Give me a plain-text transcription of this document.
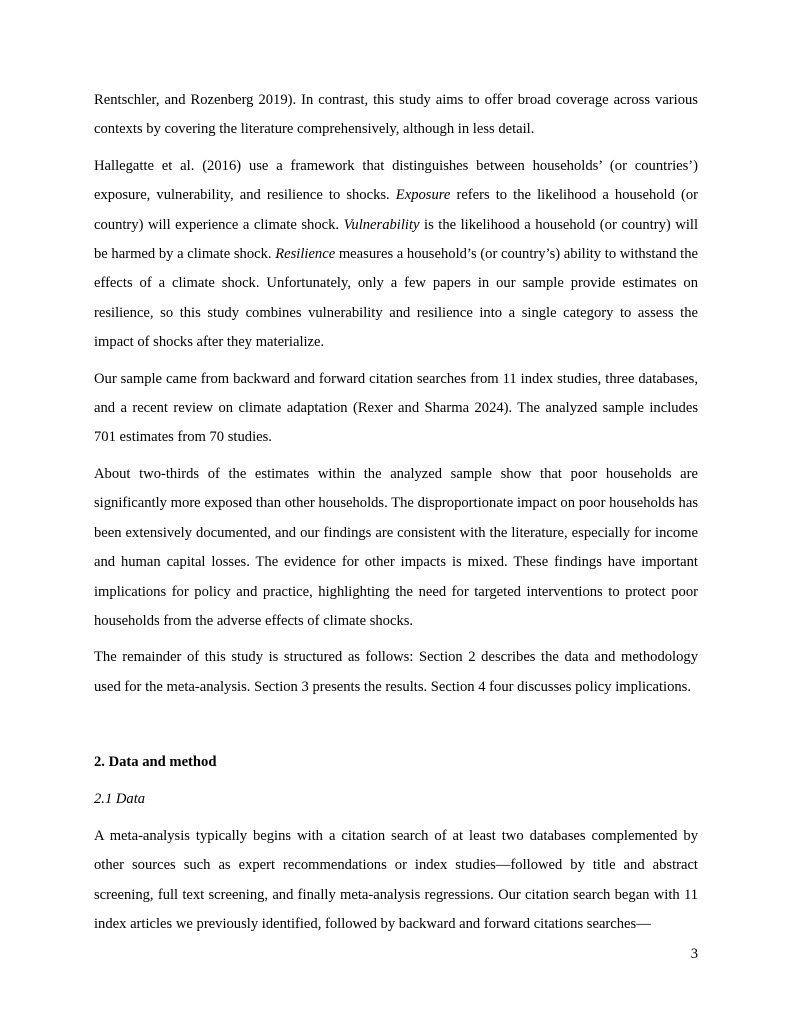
Rentschler, and Rozenberg 2019). In contrast, this study aims to offer broad coverage across various contexts by covering the literature comprehensively, although in less detail.

Hallegatte et al. (2016) use a framework that distinguishes between households’ (or countries’) exposure, vulnerability, and resilience to shocks. Exposure refers to the likelihood a household (or country) will experience a climate shock. Vulnerability is the likelihood a household (or country) will be harmed by a climate shock. Resilience measures a household’s (or country’s) ability to withstand the effects of a climate shock. Unfortunately, only a few papers in our sample provide estimates on resilience, so this study combines vulnerability and resilience into a single category to assess the impact of shocks after they materialize.

Our sample came from backward and forward citation searches from 11 index studies, three databases, and a recent review on climate adaptation (Rexer and Sharma 2024). The analyzed sample includes 701 estimates from 70 studies.

About two-thirds of the estimates within the analyzed sample show that poor households are significantly more exposed than other households. The disproportionate impact on poor households has been extensively documented, and our findings are consistent with the literature, especially for income and human capital losses. The evidence for other impacts is mixed. These findings have important implications for policy and practice, highlighting the need for targeted interventions to protect poor households from the adverse effects of climate shocks.

The remainder of this study is structured as follows: Section 2 describes the data and methodology used for the meta-analysis. Section 3 presents the results. Section 4 four discusses policy implications.

2. Data and method
2.1 Data

A meta-analysis typically begins with a citation search of at least two databases complemented by other sources such as expert recommendations or index studies—followed by title and abstract screening, full text screening, and finally meta-analysis regressions. Our citation search began with 11 index articles we previously identified, followed by backward and forward citations searches—

3
